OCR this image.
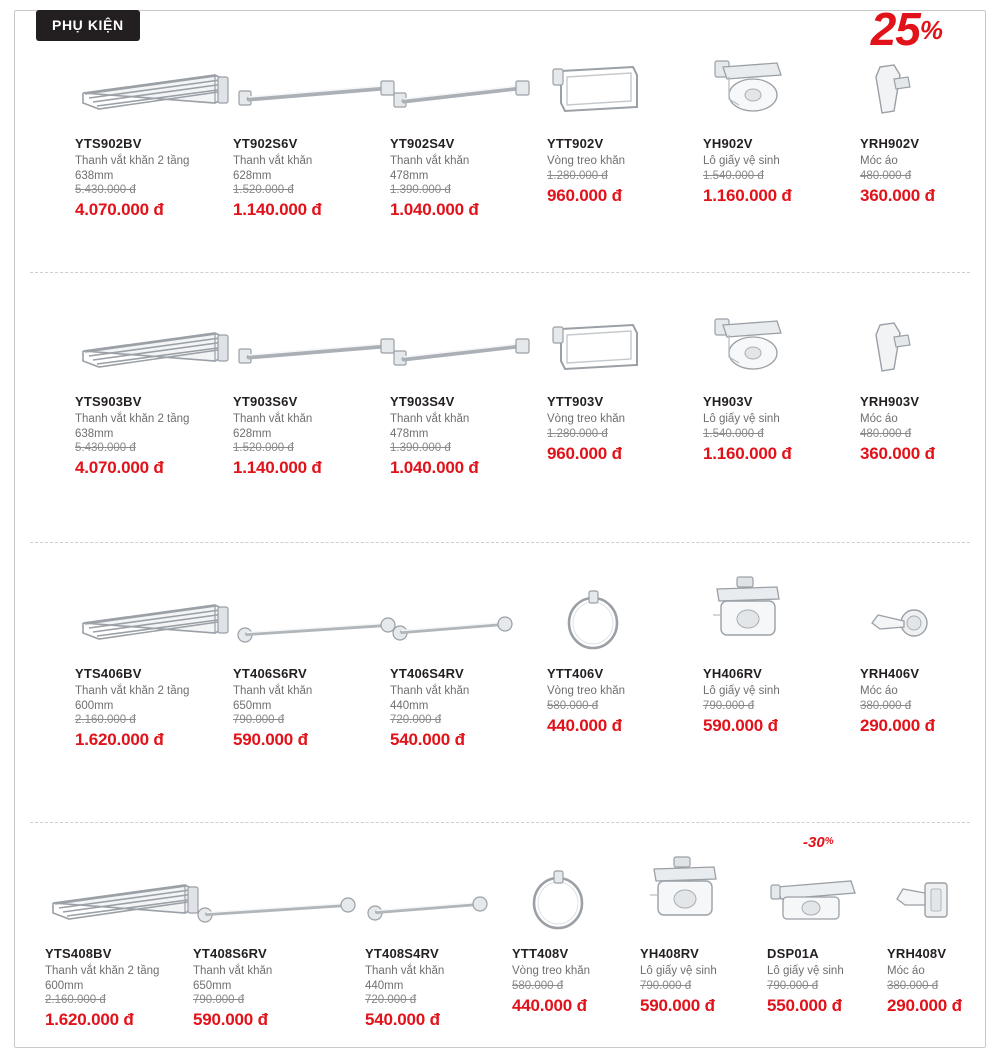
PHỤ KIỆN	25%
YTS902BV
Thanh vắt khăn 2 tầng
638mm
5.430.000 đ
4.070.000 đ
YT902S6V
Thanh vắt khăn
628mm
1.520.000 đ
1.140.000 đ
YT902S4V
Thanh vắt khăn
478mm
1.390.000 đ
1.040.000 đ
YTT902V
Vòng treo khăn
1.280.000 đ
960.000 đ
YH902V
Lô giấy vệ sinh
1.540.000 đ
1.160.000 đ
YRH902V
Móc áo
480.000 đ
360.000 đ
YTS903BV
Thanh vắt khăn 2 tầng
638mm
5.430.000 đ
4.070.000 đ
YT903S6V
Thanh vắt khăn
628mm
1.520.000 đ
1.140.000 đ
YT903S4V
Thanh vắt khăn
478mm
1.390.000 đ
1.040.000 đ
YTT903V
Vòng treo khăn
1.280.000 đ
960.000 đ
YH903V
Lô giấy vệ sinh
1.540.000 đ
1.160.000 đ
YRH903V
Móc áo
480.000 đ
360.000 đ
YTS406BV
Thanh vắt khăn 2 tầng
600mm
2.160.000 đ
1.620.000 đ
YT406S6RV
Thanh vắt khăn
650mm
790.000 đ
590.000 đ
YT406S4RV
Thanh vắt khăn
440mm
720.000 đ
540.000 đ
YTT406V
Vòng treo khăn
580.000 đ
440.000 đ
YH406RV
Lô giấy vệ sinh
790.000 đ
590.000 đ
YRH406V
Móc áo
380.000 đ
290.000 đ
YTS408BV
Thanh vắt khăn 2 tầng
600mm
2.160.000 đ
1.620.000 đ
YT408S6RV
Thanh vắt khăn
650mm
790.000 đ
590.000 đ
YT408S4RV
Thanh vắt khăn
440mm
720.000 đ
540.000 đ
YTT408V
Vòng treo khăn
580.000 đ
440.000 đ
YH408RV
Lô giấy vệ sinh
790.000 đ
590.000 đ
-30%
DSP01A
Lô giấy vệ sinh
790.000 đ
550.000 đ
YRH408V
Móc áo
380.000 đ
290.000 đ
